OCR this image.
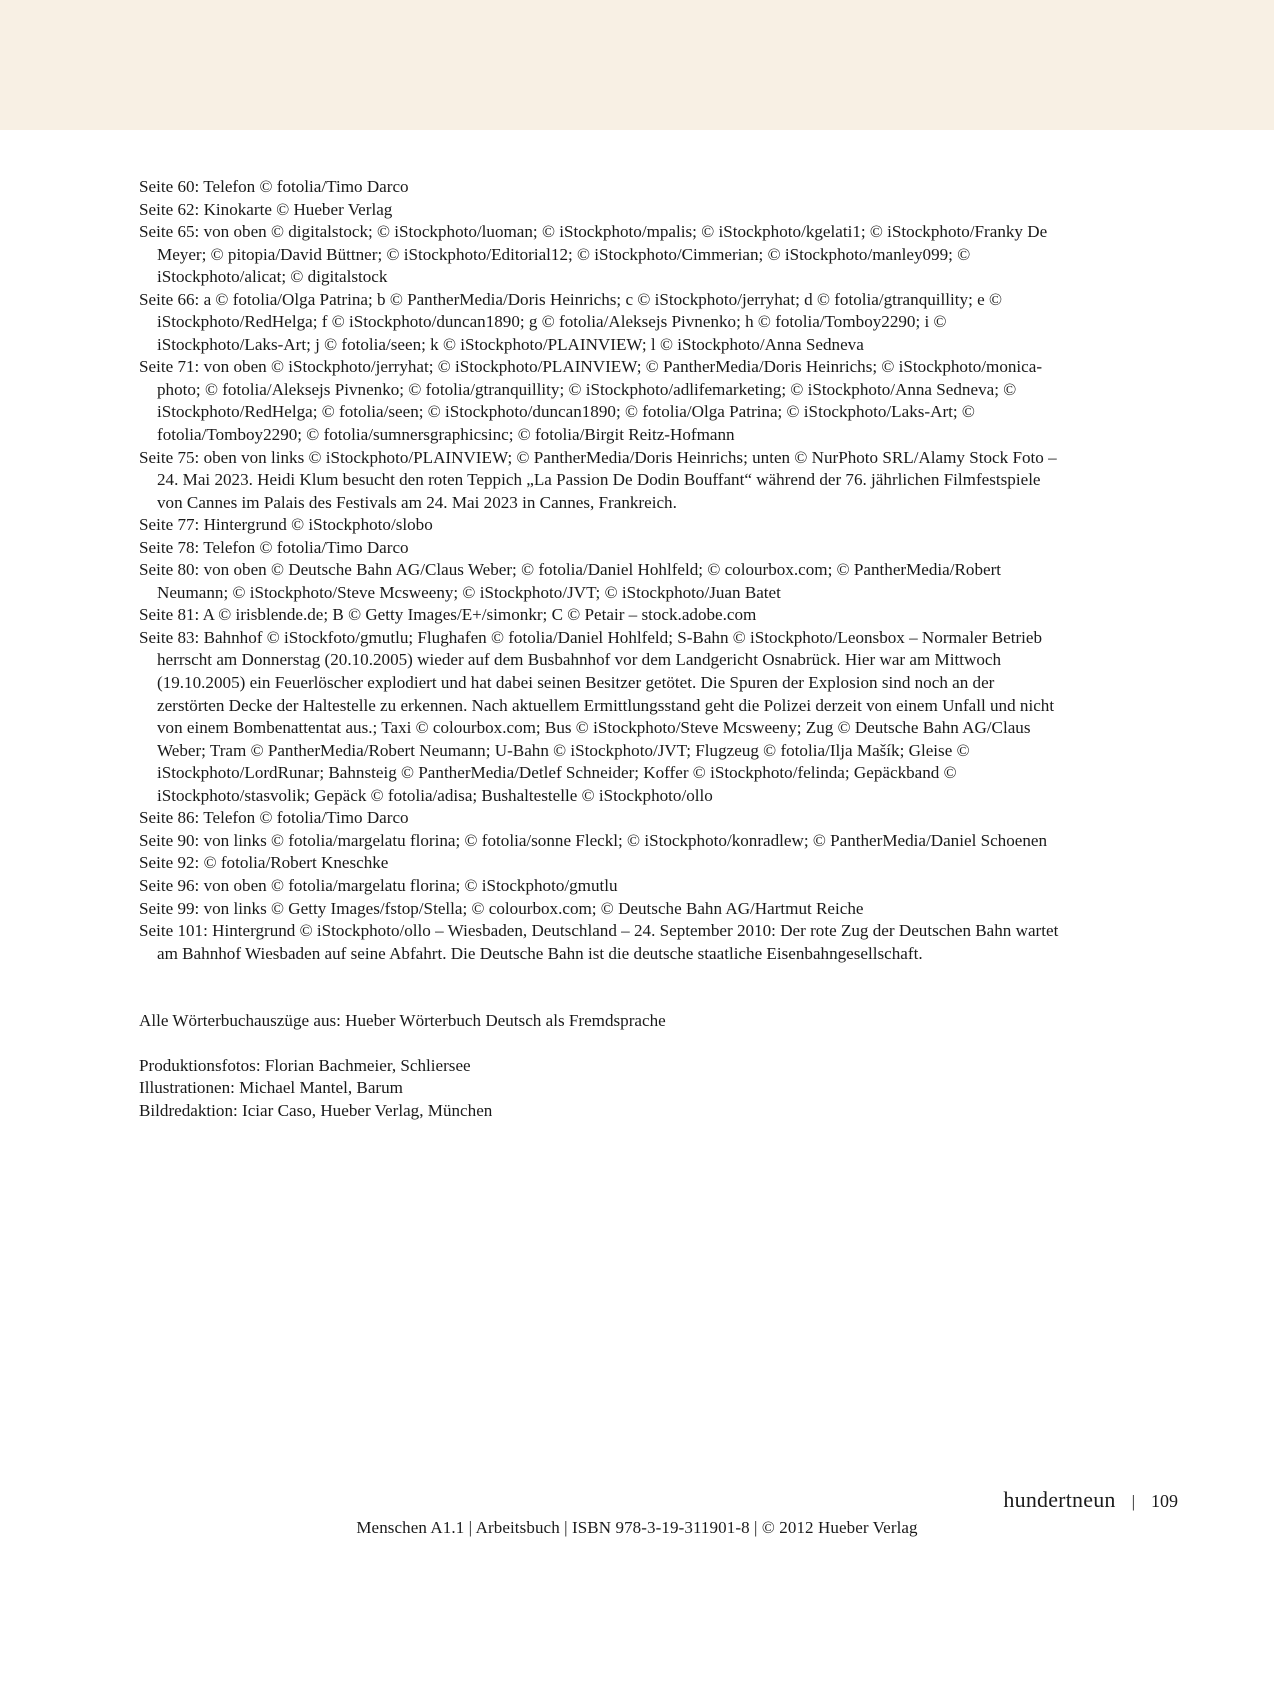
Seite 60: Telefon © fotolia/Timo Darco

Seite 62: Kinokarte © Hueber Verlag

Seite 65: von oben © digitalstock; © iStockphoto/luoman; © iStockphoto/mpalis; © iStockphoto/kgelati1; © iStockphoto/Franky De Meyer; © pitopia/David Büttner; © iStockphoto/Editorial12; © iStockphoto/Cimmerian; © iStockphoto/manley099; © iStockphoto/alicat; © digitalstock

Seite 66: a © fotolia/Olga Patrina; b © PantherMedia/Doris Heinrichs; c © iStockphoto/jerryhat; d © fotolia/gtranquillity; e © iStockphoto/RedHelga; f © iStockphoto/duncan1890; g © fotolia/Aleksejs Pivnenko; h © fotolia/Tomboy2290; i © iStockphoto/Laks-Art; j © fotolia/seen; k © iStockphoto/PLAINVIEW; l © iStockphoto/Anna Sedneva

Seite 71: von oben © iStockphoto/jerryhat; © iStockphoto/PLAINVIEW; © PantherMedia/Doris Heinrichs; © iStockphoto/monica-photo; © fotolia/Aleksejs Pivnenko; © fotolia/gtranquillity; © iStockphoto/adlifemarketing; © iStockphoto/Anna Sedneva; © iStockphoto/RedHelga; © fotolia/seen; © iStockphoto/duncan1890; © fotolia/Olga Patrina; © iStockphoto/Laks-Art; © fotolia/Tomboy2290; © fotolia/sumnersgraphicsinc; © fotolia/Birgit Reitz-Hofmann

Seite 75: oben von links © iStockphoto/PLAINVIEW; © PantherMedia/Doris Heinrichs; unten © NurPhoto SRL/Alamy Stock Foto – 24. Mai 2023. Heidi Klum besucht den roten Teppich „La Passion De Dodin Bouffant“ während der 76. jährlichen Filmfestspiele von Cannes im Palais des Festivals am 24. Mai 2023 in Cannes, Frankreich.

Seite 77: Hintergrund © iStockphoto/slobo

Seite 78: Telefon © fotolia/Timo Darco

Seite 80: von oben © Deutsche Bahn AG/Claus Weber; © fotolia/Daniel Hohlfeld; © colourbox.com; © PantherMedia/Robert Neumann; © iStockphoto/Steve Mcsweeny; © iStockphoto/JVT; © iStockphoto/Juan Batet

Seite 81: A © irisblende.de; B © Getty Images/E+/simonkr; C © Petair – stock.adobe.com

Seite 83: Bahnhof © iStockfoto/gmutlu; Flughafen © fotolia/Daniel Hohlfeld; S-Bahn © iStockphoto/Leonsbox – Normaler Betrieb herrscht am Donnerstag (20.10.2005) wieder auf dem Busbahnhof vor dem Landgericht Osnabrück. Hier war am Mittwoch (19.10.2005) ein Feuerlöscher explodiert und hat dabei seinen Besitzer getötet. Die Spuren der Explosion sind noch an der zerstörten Decke der Haltestelle zu erkennen. Nach aktuellem Ermittlungsstand geht die Polizei derzeit von einem Unfall und nicht von einem Bombenattentat aus.; Taxi © colourbox.com; Bus © iStockphoto/Steve Mcsweeny; Zug © Deutsche Bahn AG/Claus Weber; Tram © PantherMedia/Robert Neumann; U-Bahn © iStockphoto/JVT; Flugzeug © fotolia/Ilja Mašík; Gleise © iStockphoto/LordRunar; Bahnsteig © PantherMedia/Detlef Schneider; Koffer © iStockphoto/felinda; Gepäckband © iStockphoto/stasvolik; Gepäck © fotolia/adisa; Bushaltestelle © iStockphoto/ollo

Seite 86: Telefon © fotolia/Timo Darco

Seite 90: von links © fotolia/margelatu florina; © fotolia/sonne Fleckl; © iStockphoto/konradlew; © PantherMedia/Daniel Schoenen

Seite 92: © fotolia/Robert Kneschke

Seite 96: von oben © fotolia/margelatu florina; © iStockphoto/gmutlu

Seite 99: von links © Getty Images/fstop/Stella; © colourbox.com; © Deutsche Bahn AG/Hartmut Reiche

Seite 101: Hintergrund © iStockphoto/ollo – Wiesbaden, Deutschland – 24. September 2010: Der rote Zug der Deutschen Bahn wartet am Bahnhof Wiesbaden auf seine Abfahrt. Die Deutsche Bahn ist die deutsche staatliche Eisenbahngesellschaft.

Alle Wörterbuchauszüge aus: Hueber Wörterbuch Deutsch als Fremdsprache

Produktionsfotos: Florian Bachmeier, Schliersee

Illustrationen: Michael Mantel, Barum

Bildredaktion: Iciar Caso, Hueber Verlag, München

hundertneun | 109
Menschen A1.1 | Arbeitsbuch | ISBN 978-3-19-311901-8 | © 2012 Hueber Verlag
